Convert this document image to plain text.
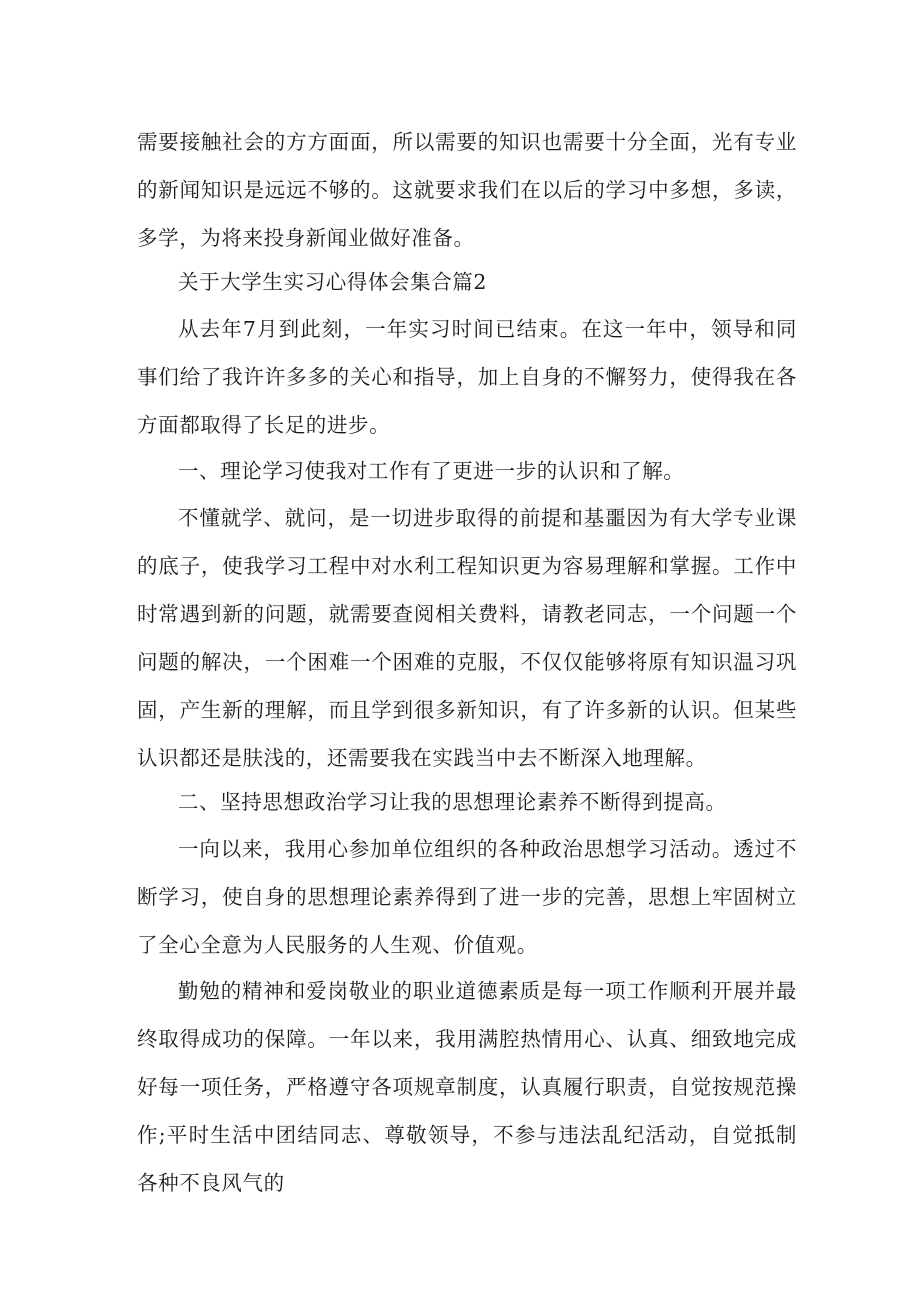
需要接触社会的方方面面，所以需要的知识也需要十分全面，光有专业的新闻知识是远远不够的。这就要求我们在以后的学习中多想，多读，多学，为将来投身新闻业做好准备。

关于大学生实习心得体会集合篇2

从去年7月到此刻，一年实习时间已结束。在这一年中，领导和同事们给了我许许多多的关心和指导，加上自身的不懈努力，使得我在各方面都取得了长足的进步。

一、理论学习使我对工作有了更进一步的认识和了解。

不懂就学、就问，是一切进步取得的前提和基噩因为有大学专业课的底子，使我学习工程中对水利工程知识更为容易理解和掌握。工作中时常遇到新的问题，就需要查阅相关费料，请教老同志，一个问题一个问题的解决，一个困难一个困难的克服，不仅仅能够将原有知识温习巩固，产生新的理解，而且学到很多新知识，有了许多新的认识。但某些认识都还是肤浅的，还需要我在实践当中去不断深入地理解。

二、坚持思想政治学习让我的思想理论素养不断得到提高。

一向以来，我用心参加单位组织的各种政治思想学习活动。透过不断学习，使自身的思想理论素养得到了进一步的完善，思想上牢固树立了全心全意为人民服务的人生观、价值观。

勤勉的精神和爱岗敬业的职业道德素质是每一项工作顺利开展并最终取得成功的保障。一年以来，我用满腔热情用心、认真、细致地完成好每一项任务，严格遵守各项规章制度，认真履行职责，自觉按规范操作;平时生活中团结同志、尊敬领导，不参与违法乱纪活动，自觉抵制各种不良风气的
